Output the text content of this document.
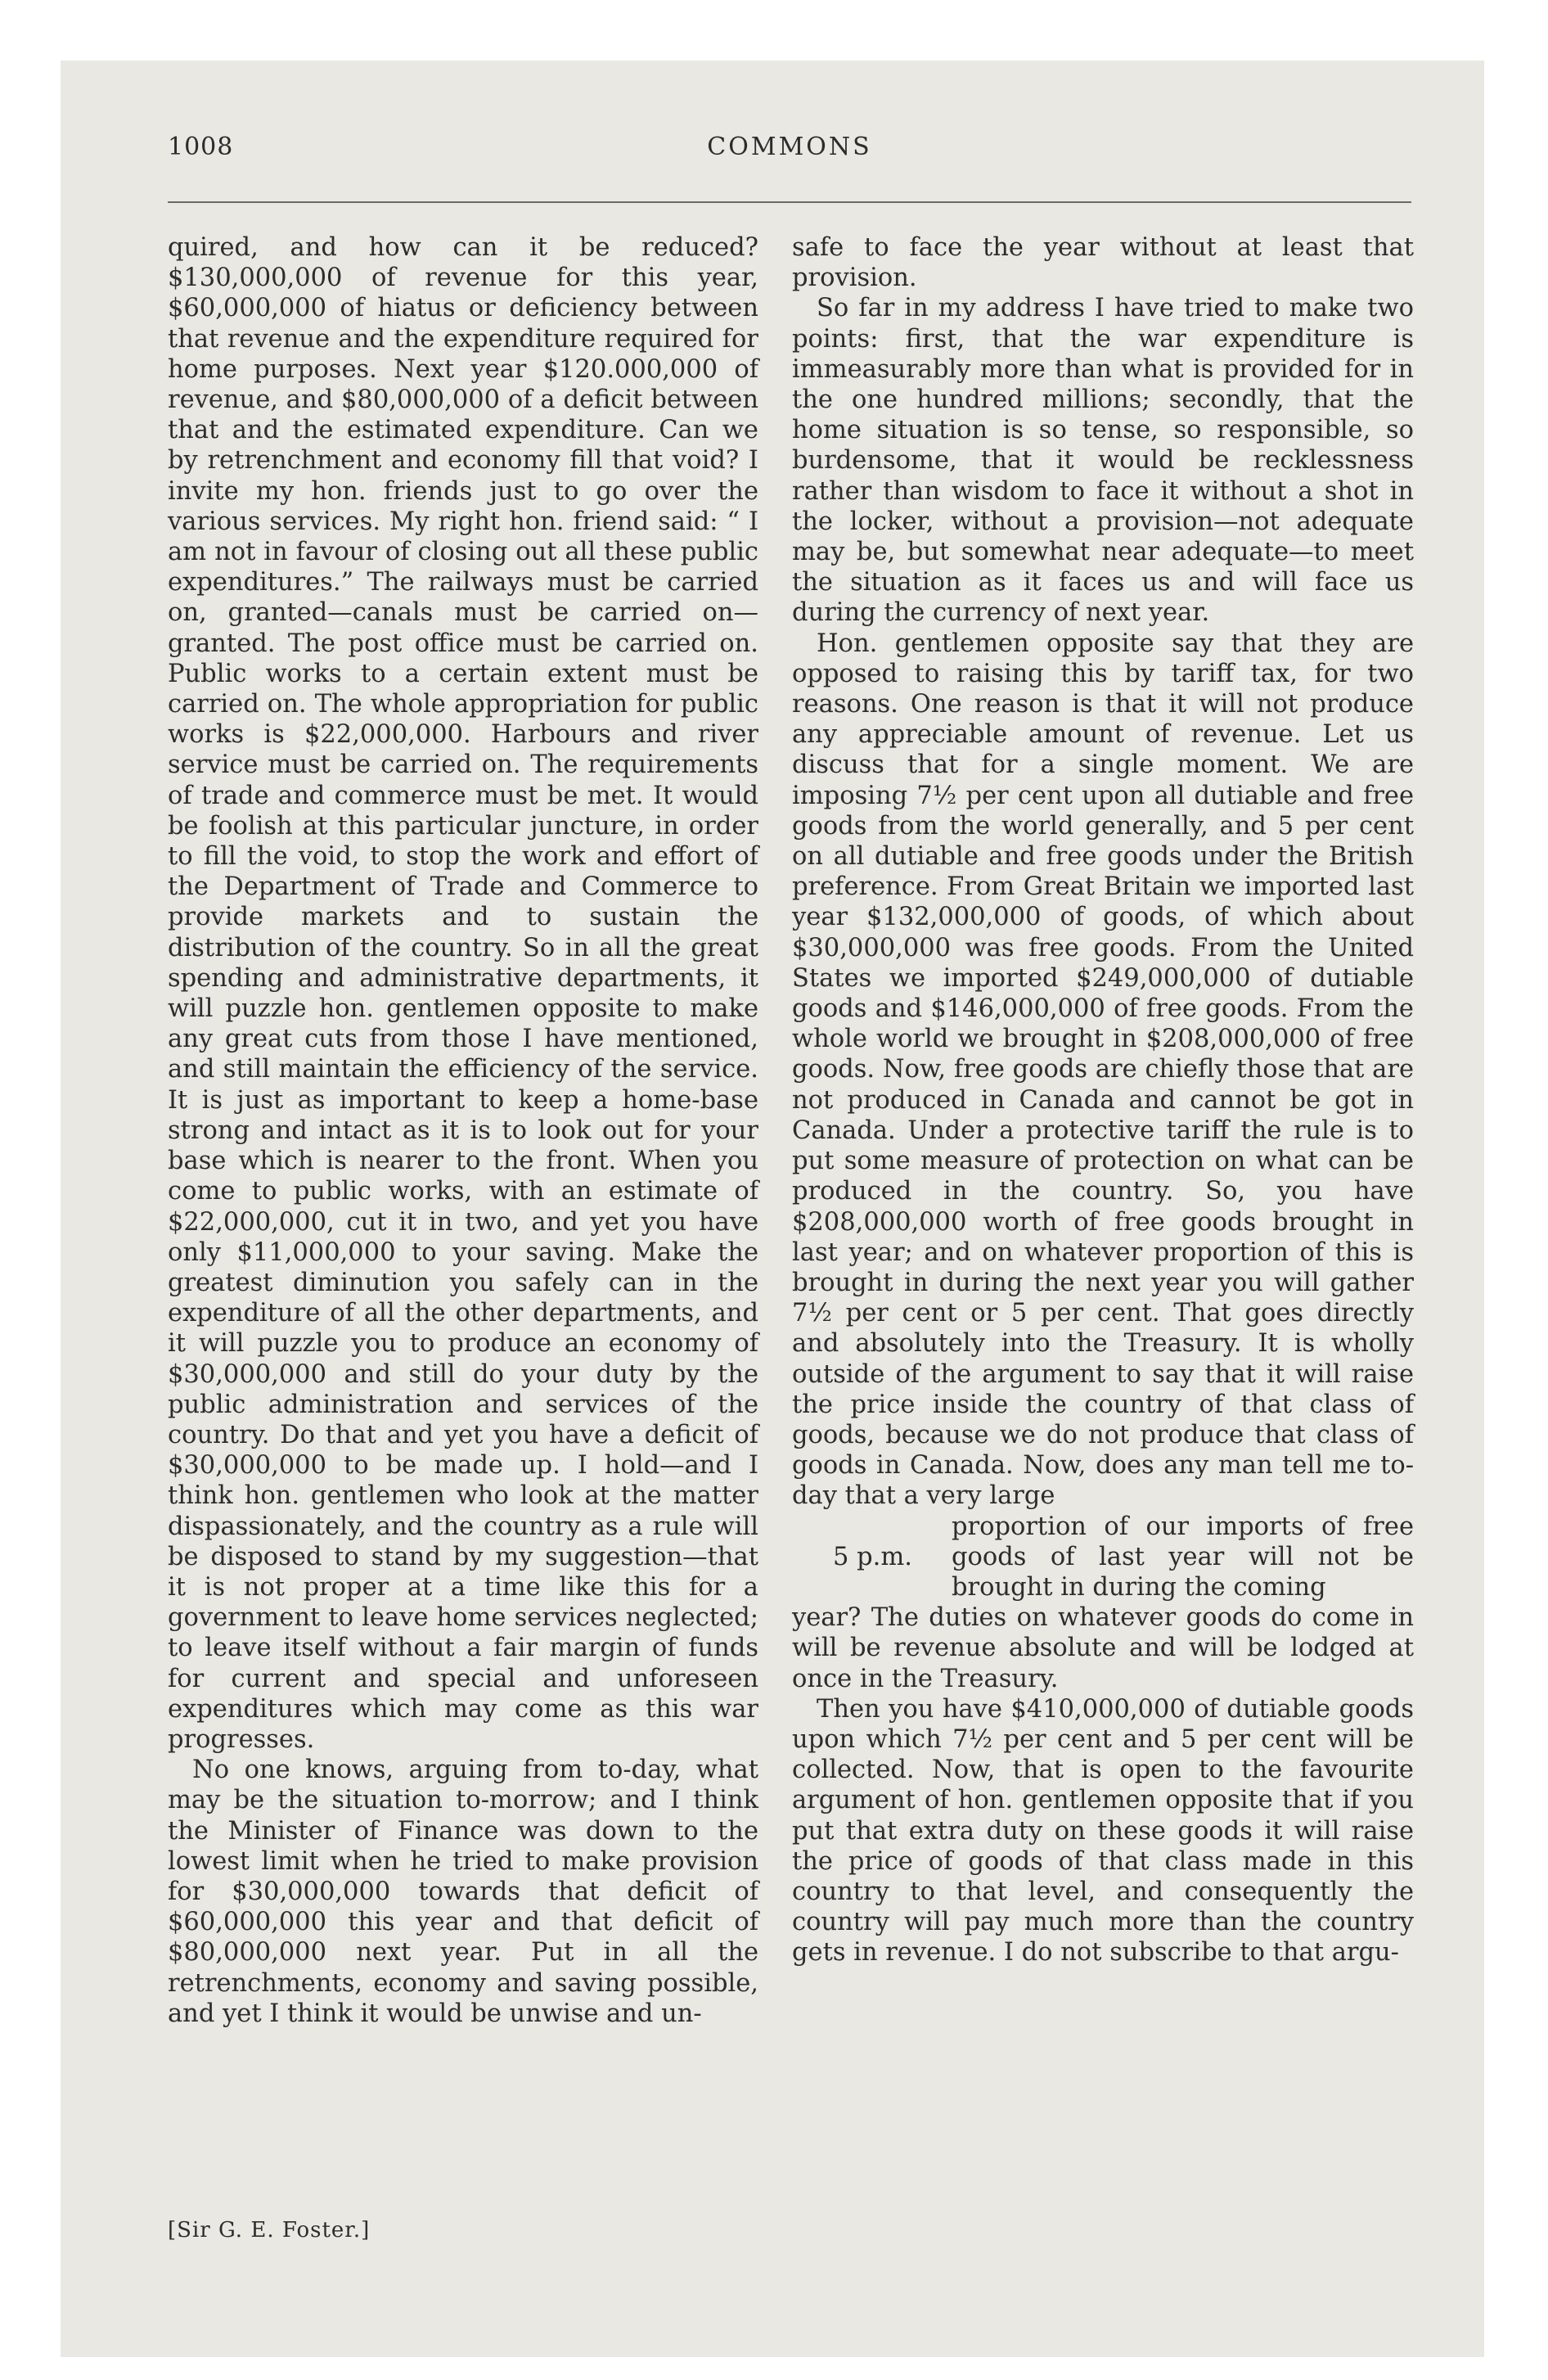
1008	COMMONS

quired, and how can it be reduced? $130,000,000 of revenue for this year, $60,000,000 of hiatus or deficiency between that revenue and the expenditure required for home purposes. Next year $120.000,000 of revenue, and $80,000,000 of a deficit between that and the estimated expenditure. Can we by retrenchment and economy fill that void? I invite my hon. friends just to go over the various services. My right hon. friend said: “ I am not in favour of closing out all these public expenditures.” The railways must be carried on, granted—canals must be carried on—granted. The post office must be carried on. Public works to a certain extent must be carried on. The whole appropriation for public works is $22,000,000. Harbours and river service must be carried on. The requirements of trade and commerce must be met. It would be foolish at this particular juncture, in order to fill the void, to stop the work and effort of the Department of Trade and Commerce to provide markets and to sustain the distribution of the country. So in all the great spending and administrative departments, it will puzzle hon. gentlemen opposite to make any great cuts from those I have mentioned, and still maintain the efficiency of the service. It is just as important to keep a home-base strong and intact as it is to look out for your base which is nearer to the front. When you come to public works, with an estimate of $22,000,000, cut it in two, and yet you have only $11,000,000 to your saving. Make the greatest diminution you safely can in the expenditure of all the other departments, and it will puzzle you to produce an economy of $30,000,000 and still do your duty by the public administration and services of the country. Do that and yet you have a deficit of $30,000,000 to be made up. I hold—and I think hon. gentlemen who look at the matter dispassionately, and the country as a rule will be disposed to stand by my suggestion—that it is not proper at a time like this for a government to leave home services neglected; to leave itself without a fair margin of funds for current and special and unforeseen expenditures which may come as this war progresses.

No one knows, arguing from to-day, what may be the situation to-morrow; and I think the Minister of Finance was down to the lowest limit when he tried to make provision for $30,000,000 towards that deficit of $60,000,000 this year and that deficit of $80,000,000 next year. Put in all the retrenchments, economy and saving possible, and yet I think it would be unwise and un-

safe to face the year without at least that provision.

So far in my address I have tried to make two points: first, that the war expenditure is immeasurably more than what is provided for in the one hundred millions; secondly, that the home situation is so tense, so responsible, so burdensome, that it would be recklessness rather than wisdom to face it without a shot in the locker, without a provision—not adequate may be, but somewhat near adequate—to meet the situation as it faces us and will face us during the currency of next year.

Hon. gentlemen opposite say that they are opposed to raising this by tariff tax, for two reasons. One reason is that it will not produce any appreciable amount of revenue. Let us discuss that for a single moment. We are imposing 7½ per cent upon all dutiable and free goods from the world generally, and 5 per cent on all dutiable and free goods under the British preference. From Great Britain we imported last year $132,000,000 of goods, of which about $30,000,000 was free goods. From the United States we imported $249,000,000 of dutiable goods and $146,000,000 of free goods. From the whole world we brought in $208,000,000 of free goods. Now, free goods are chiefly those that are not produced in Canada and cannot be got in Canada. Under a protective tariff the rule is to put some measure of protection on what can be produced in the country. So, you have $208,000,000 worth of free goods brought in last year; and on whatever proportion of this is brought in during the next year you will gather 7½ per cent or 5 per cent. That goes directly and absolutely into the Treasury. It is wholly outside of the argument to say that it will raise the price inside the country of that class of goods, because we do not produce that class of goods in Canada. Now, does any man tell me to-day that a very large

5 p.m.

proportion of our imports of free goods of last year will not be brought in during the coming

year? The duties on whatever goods do come in will be revenue absolute and will be lodged at once in the Treasury.

Then you have $410,000,000 of dutiable goods upon which 7½ per cent and 5 per cent will be collected. Now, that is open to the favourite argument of hon. gentlemen opposite that if you put that extra duty on these goods it will raise the price of goods of that class made in this country to that level, and consequently the country will pay much more than the country gets in revenue. I do not subscribe to that argu-

[Sir G. E. Foster.]
